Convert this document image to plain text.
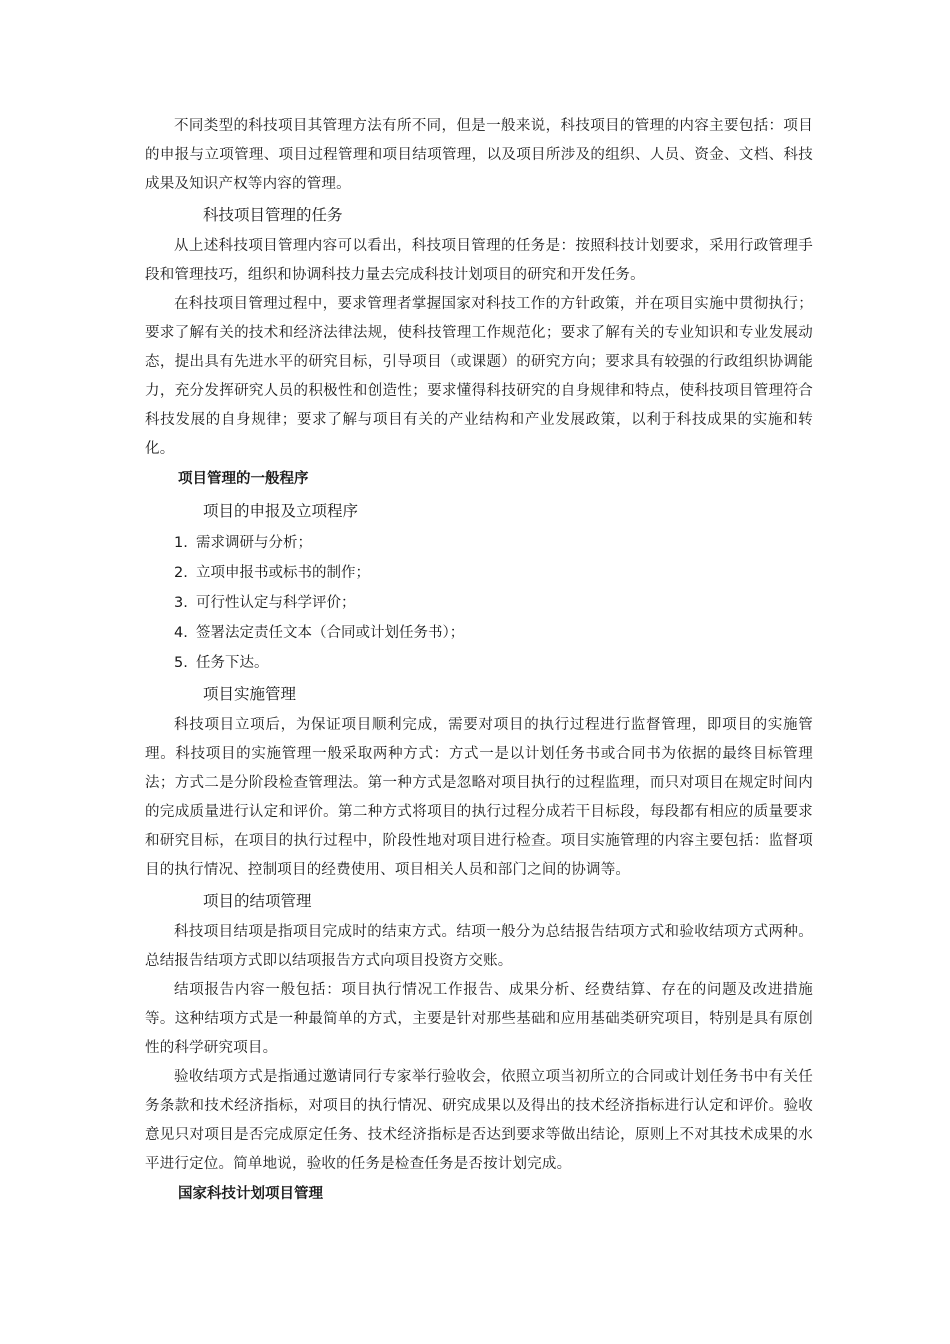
不同类型的科技项目其管理方法有所不同，但是一般来说，科技项目的管理的内容主要包括：项目的申报与立项管理、项目过程管理和项目结项管理，以及项目所涉及的组织、人员、资金、文档、科技成果及知识产权等内容的管理。

科技项目管理的任务

从上述科技项目管理内容可以看出，科技项目管理的任务是：按照科技计划要求，采用行政管理手段和管理技巧，组织和协调科技力量去完成科技计划项目的研究和开发任务。

在科技项目管理过程中，要求管理者掌握国家对科技工作的方针政策，并在项目实施中贯彻执行；要求了解有关的技术和经济法律法规，使科技管理工作规范化；要求了解有关的专业知识和专业发展动态，提出具有先进水平的研究目标，引导项目（或课题）的研究方向；要求具有较强的行政组织协调能力，充分发挥研究人员的积极性和创造性；要求懂得科技研究的自身规律和特点，使科技项目管理符合科技发展的自身规律；要求了解与项目有关的产业结构和产业发展政策，以利于科技成果的实施和转化。

项目管理的一般程序

项目的申报及立项程序

1. 需求调研与分析；
2. 立项申报书或标书的制作；
3. 可行性认定与科学评价；
4. 签署法定责任文本（合同或计划任务书）；
5. 任务下达。

项目实施管理

科技项目立项后，为保证项目顺利完成，需要对项目的执行过程进行监督管理，即项目的实施管理。科技项目的实施管理一般采取两种方式：方式一是以计划任务书或合同书为依据的最终目标管理法；方式二是分阶段检查管理法。第一种方式是忽略对项目执行的过程监理，而只对项目在规定时间内的完成质量进行认定和评价。第二种方式将项目的执行过程分成若干目标段，每段都有相应的质量要求和研究目标，在项目的执行过程中，阶段性地对项目进行检查。项目实施管理的内容主要包括：监督项目的执行情况、控制项目的经费使用、项目相关人员和部门之间的协调等。

项目的结项管理

科技项目结项是指项目完成时的结束方式。结项一般分为总结报告结项方式和验收结项方式两种。总结报告结项方式即以结项报告方式向项目投资方交账。

结项报告内容一般包括：项目执行情况工作报告、成果分析、经费结算、存在的问题及改进措施等。这种结项方式是一种最简单的方式，主要是针对那些基础和应用基础类研究项目，特别是具有原创性的科学研究项目。

验收结项方式是指通过邀请同行专家举行验收会，依照立项当初所立的合同或计划任务书中有关任务条款和技术经济指标，对项目的执行情况、研究成果以及得出的技术经济指标进行认定和评价。验收意见只对项目是否完成原定任务、技术经济指标是否达到要求等做出结论，原则上不对其技术成果的水平进行定位。简单地说，验收的任务是检查任务是否按计划完成。

国家科技计划项目管理
